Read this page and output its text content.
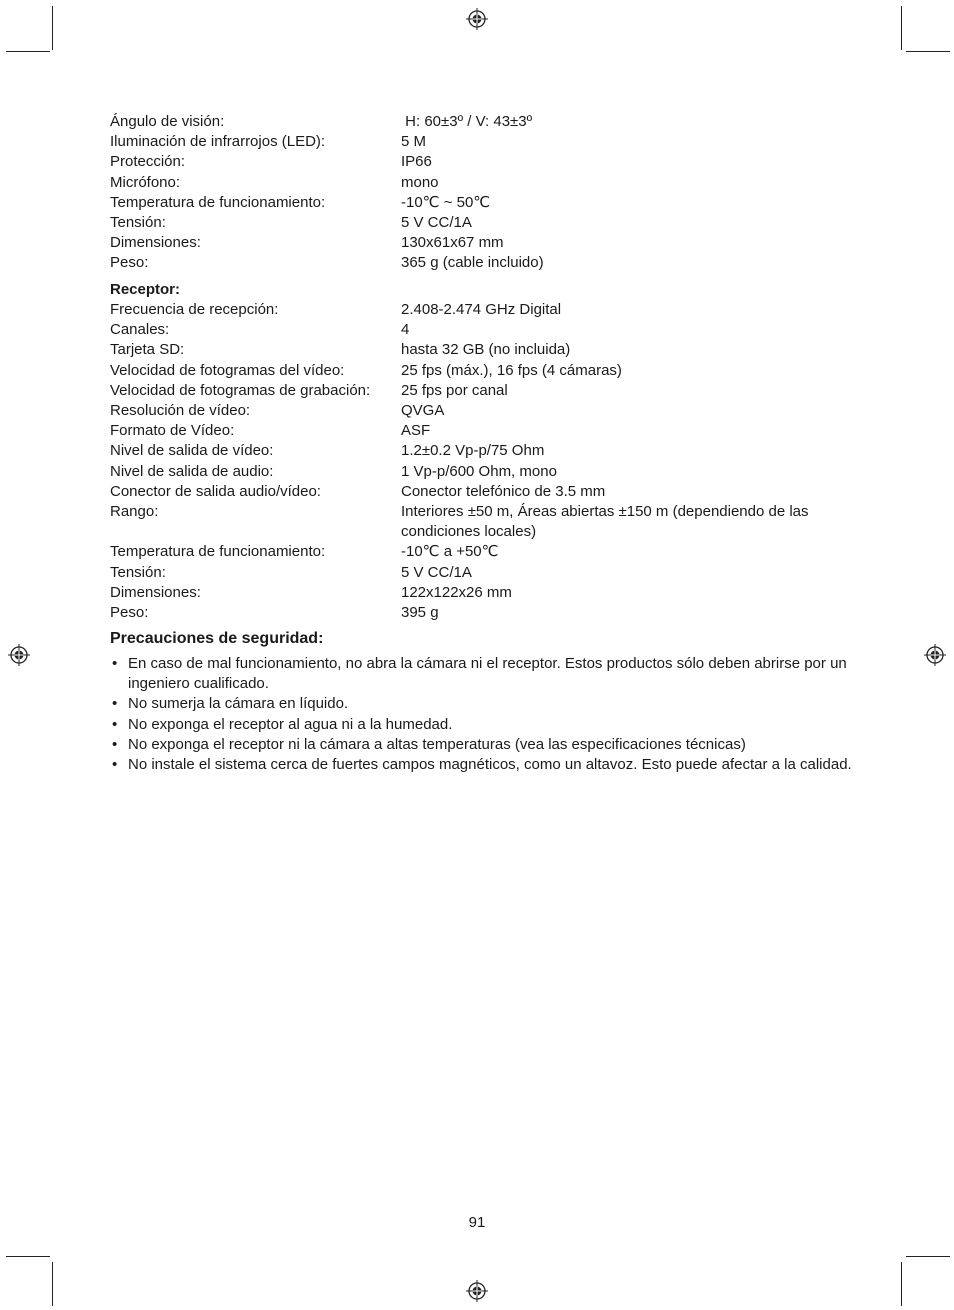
Ángulo de visión:	H: 60±3º / V: 43±3º
Iluminación de infrarrojos (LED):	5 M
Protección:	IP66
Micrófono:	mono
Temperatura de funcionamiento:	-10℃ ~ 50℃
Tensión:	5 V CC/1A
Dimensiones:	130x61x67 mm
Peso:	365 g (cable incluido)
Receptor:
Frecuencia de recepción:	2.408-2.474 GHz Digital
Canales:	4
Tarjeta SD:	hasta 32 GB (no incluida)
Velocidad de fotogramas del vídeo:	25 fps (máx.), 16 fps (4 cámaras)
Velocidad de fotogramas de grabación:	25 fps por canal
Resolución de vídeo:	QVGA
Formato de Vídeo:	ASF
Nivel de salida de vídeo:	1.2±0.2 Vp-p/75 Ohm
Nivel de salida de audio:	1 Vp-p/600 Ohm, mono
Conector de salida audio/vídeo:	Conector telefónico de 3.5 mm
Rango:	Interiores ±50 m, Áreas abiertas ±150 m (dependiendo de las condiciones locales)
Temperatura de funcionamiento:	-10℃ a +50℃
Tensión:	5 V CC/1A
Dimensiones:	122x122x26 mm
Peso:	395 g
Precauciones de seguridad:
• En caso de mal funcionamiento, no abra la cámara ni el receptor. Estos productos sólo deben abrirse por un ingeniero cualificado.
• No sumerja la cámara en líquido.
• No exponga el receptor al agua ni a la humedad.
• No exponga el receptor ni la cámara a altas temperaturas (vea las especificaciones técnicas)
• No instale el sistema cerca de fuertes campos magnéticos, como un altavoz. Esto puede afectar a la calidad.
91
